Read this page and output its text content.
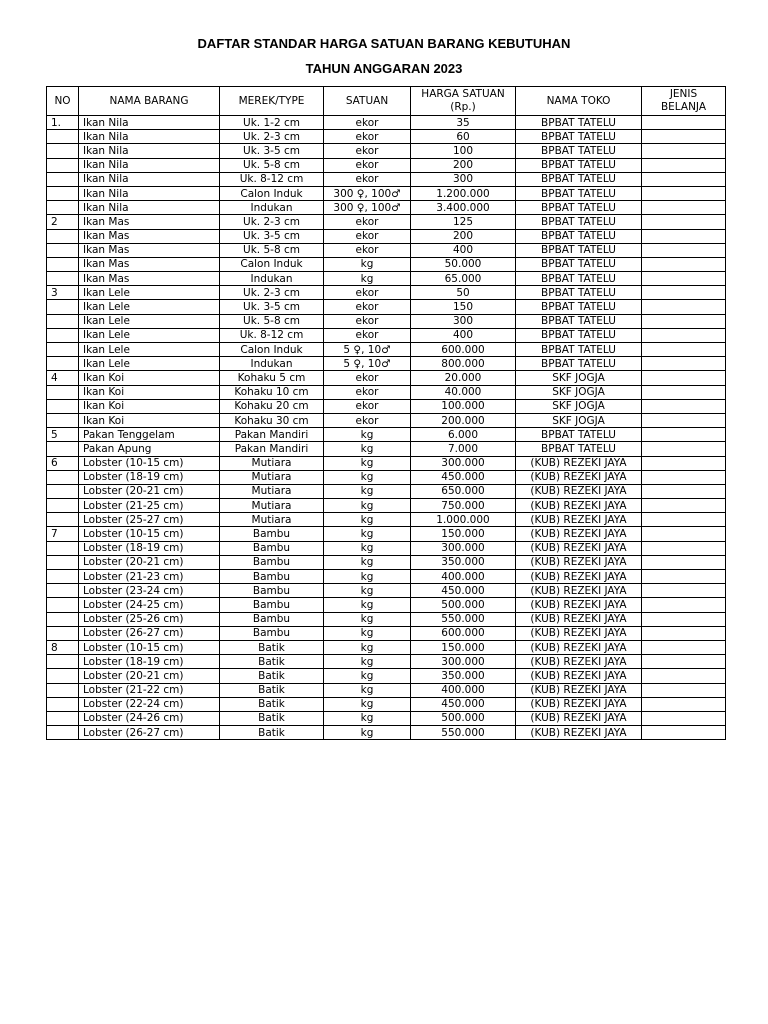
DAFTAR STANDAR HARGA SATUAN BARANG KEBUTUHAN
TAHUN ANGGARAN 2023
NO	NAMA BARANG	MEREK/TYPE	SATUAN	HARGA SATUAN (Rp.)	NAMA TOKO	JENIS BELANJA
1.	Ikan Nila	Uk. 1-2 cm	ekor	35	BPBAT TATELU	
	Ikan Nila	Uk. 2-3 cm	ekor	60	BPBAT TATELU	
	Ikan Nila	Uk. 3-5 cm	ekor	100	BPBAT TATELU	
	Ikan Nila	Uk. 5-8 cm	ekor	200	BPBAT TATELU	
	Ikan Nila	Uk. 8-12 cm	ekor	300	BPBAT TATELU	
	Ikan Nila	Calon Induk	300 ♀, 100♂	1.200.000	BPBAT TATELU	
	Ikan Nila	Indukan	300 ♀, 100♂	3.400.000	BPBAT TATELU	
2	Ikan Mas	Uk. 2-3 cm	ekor	125	BPBAT TATELU	
	Ikan Mas	Uk. 3-5 cm	ekor	200	BPBAT TATELU	
	Ikan Mas	Uk. 5-8 cm	ekor	400	BPBAT TATELU	
	Ikan Mas	Calon Induk	kg	50.000	BPBAT TATELU	
	Ikan Mas	Indukan	kg	65.000	BPBAT TATELU	
3	Ikan Lele	Uk. 2-3 cm	ekor	50	BPBAT TATELU	
	Ikan Lele	Uk. 3-5 cm	ekor	150	BPBAT TATELU	
	Ikan Lele	Uk. 5-8 cm	ekor	300	BPBAT TATELU	
	Ikan Lele	Uk. 8-12 cm	ekor	400	BPBAT TATELU	
	Ikan Lele	Calon Induk	5 ♀, 10♂	600.000	BPBAT TATELU	
	Ikan Lele	Indukan	5 ♀, 10♂	800.000	BPBAT TATELU	
4	Ikan Koi	Kohaku 5 cm	ekor	20.000	SKF JOGJA	
	Ikan Koi	Kohaku 10 cm	ekor	40.000	SKF JOGJA	
	Ikan Koi	Kohaku 20 cm	ekor	100.000	SKF JOGJA	
	Ikan Koi	Kohaku 30 cm	ekor	200.000	SKF JOGJA	
5	Pakan Tenggelam	Pakan Mandiri	kg	6.000	BPBAT TATELU	
	Pakan Apung	Pakan Mandiri	kg	7.000	BPBAT TATELU	
6	Lobster (10-15 cm)	Mutiara	kg	300.000	(KUB) REZEKI JAYA	
	Lobster (18-19 cm)	Mutiara	kg	450.000	(KUB) REZEKI JAYA	
	Lobster (20-21 cm)	Mutiara	kg	650.000	(KUB) REZEKI JAYA	
	Lobster (21-25 cm)	Mutiara	kg	750.000	(KUB) REZEKI JAYA	
	Lobster (25-27 cm)	Mutiara	kg	1.000.000	(KUB) REZEKI JAYA	
7	Lobster (10-15 cm)	Bambu	kg	150.000	(KUB) REZEKI JAYA	
	Lobster (18-19 cm)	Bambu	kg	300.000	(KUB) REZEKI JAYA	
	Lobster (20-21 cm)	Bambu	kg	350.000	(KUB) REZEKI JAYA	
	Lobster (21-23 cm)	Bambu	kg	400.000	(KUB) REZEKI JAYA	
	Lobster (23-24 cm)	Bambu	kg	450.000	(KUB) REZEKI JAYA	
	Lobster (24-25 cm)	Bambu	kg	500.000	(KUB) REZEKI JAYA	
	Lobster (25-26 cm)	Bambu	kg	550.000	(KUB) REZEKI JAYA	
	Lobster (26-27 cm)	Bambu	kg	600.000	(KUB) REZEKI JAYA	
8	Lobster (10-15 cm)	Batik	kg	150.000	(KUB) REZEKI JAYA	
	Lobster (18-19 cm)	Batik	kg	300.000	(KUB) REZEKI JAYA	
	Lobster (20-21 cm)	Batik	kg	350.000	(KUB) REZEKI JAYA	
	Lobster (21-22 cm)	Batik	kg	400.000	(KUB) REZEKI JAYA	
	Lobster (22-24 cm)	Batik	kg	450.000	(KUB) REZEKI JAYA	
	Lobster (24-26 cm)	Batik	kg	500.000	(KUB) REZEKI JAYA	
	Lobster (26-27 cm)	Batik	kg	550.000	(KUB) REZEKI JAYA	
